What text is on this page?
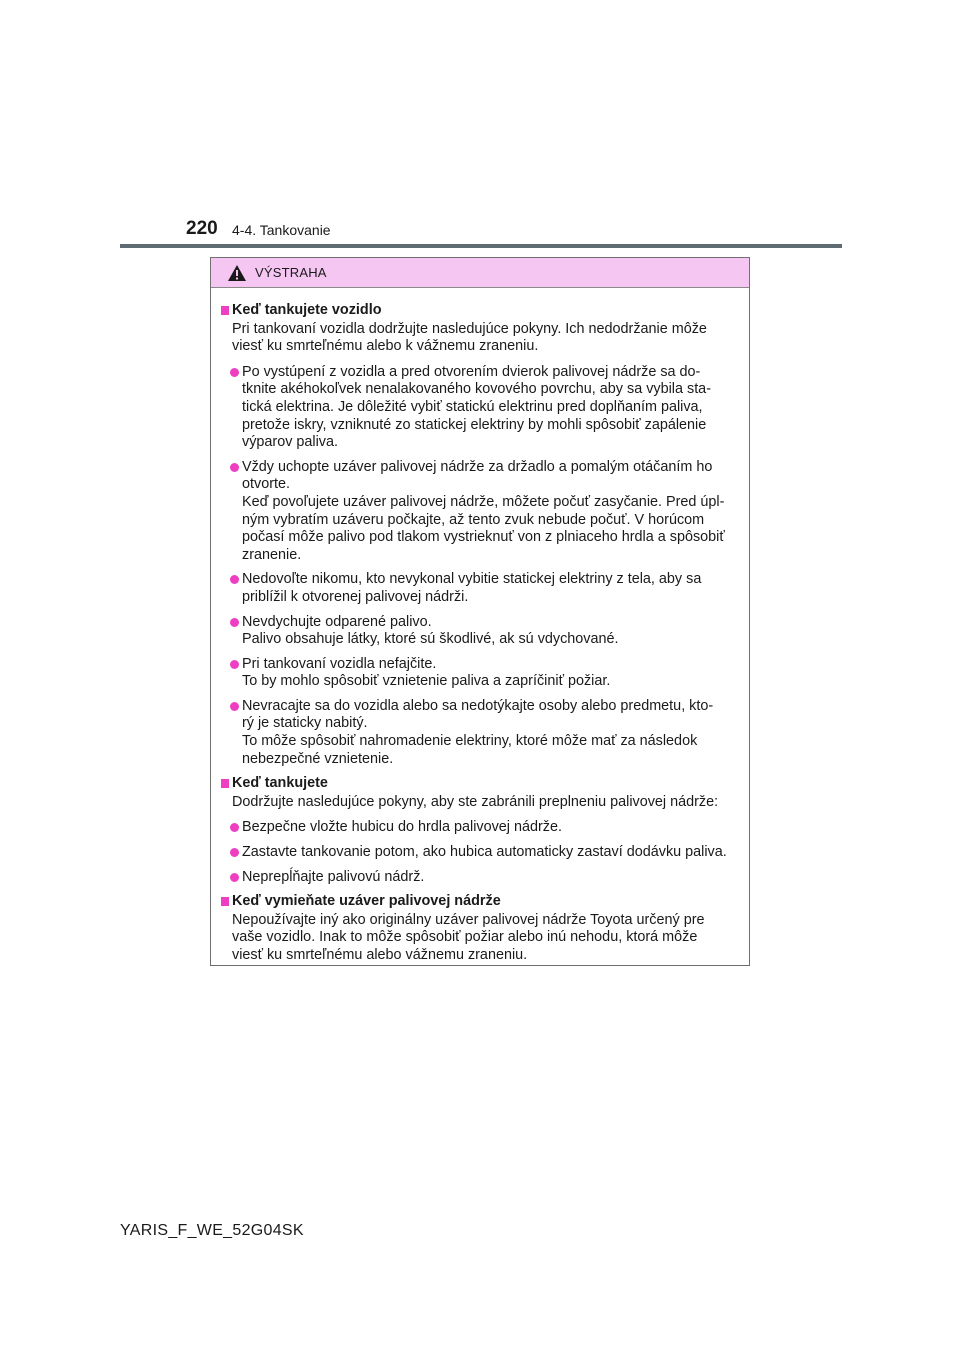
220 4-4. Tankovanie
VÝSTRAHA
Keď tankujete vozidlo
Pri tankovaní vozidla dodržujte nasledujúce pokyny. Ich nedodržanie môže
viesť ku smrteľnému alebo k vážnemu zraneniu.
Po vystúpení z vozidla a pred otvorením dvierok palivovej nádrže sa do-
tknite akéhokoľvek nenalakovaného kovového povrchu, aby sa vybila sta-
tická elektrina. Je dôležité vybiť statickú elektrinu pred doplňaním paliva,
pretože iskry, vzniknuté zo statickej elektriny by mohli spôsobiť zapálenie
výparov paliva.
Vždy uchopte uzáver palivovej nádrže za držadlo a pomalým otáčaním ho
otvorte.
Keď povoľujete uzáver palivovej nádrže, môžete počuť zasyčanie. Pred úpl-
ným vybratím uzáveru počkajte, až tento zvuk nebude počuť. V horúcom
počasí môže palivo pod tlakom vystrieknuť von z plniaceho hrdla a spôsobiť
zranenie.
Nedovoľte nikomu, kto nevykonal vybitie statickej elektriny z tela, aby sa
priblížil k otvorenej palivovej nádrži.
Nevdychujte odparené palivo.
Palivo obsahuje látky, ktoré sú škodlivé, ak sú vdychované.
Pri tankovaní vozidla nefajčite.
To by mohlo spôsobiť vznietenie paliva a zapríčiniť požiar.
Nevracajte sa do vozidla alebo sa nedotýkajte osoby alebo predmetu, kto-
rý je staticky nabitý.
To môže spôsobiť nahromadenie elektriny, ktoré môže mať za následok
nebezpečné vznietenie.
Keď tankujete
Dodržujte nasledujúce pokyny, aby ste zabránili preplneniu palivovej nádrže:
Bezpečne vložte hubicu do hrdla palivovej nádrže.
Zastavte tankovanie potom, ako hubica automaticky zastaví dodávku paliva.
Neprepĺňajte palivovú nádrž.
Keď vymieňate uzáver palivovej nádrže
Nepoužívajte iný ako originálny uzáver palivovej nádrže Toyota určený pre
vaše vozidlo. Inak to môže spôsobiť požiar alebo inú nehodu, ktorá môže
viesť ku smrteľnému alebo vážnemu zraneniu.
YARIS_F_WE_52G04SK
